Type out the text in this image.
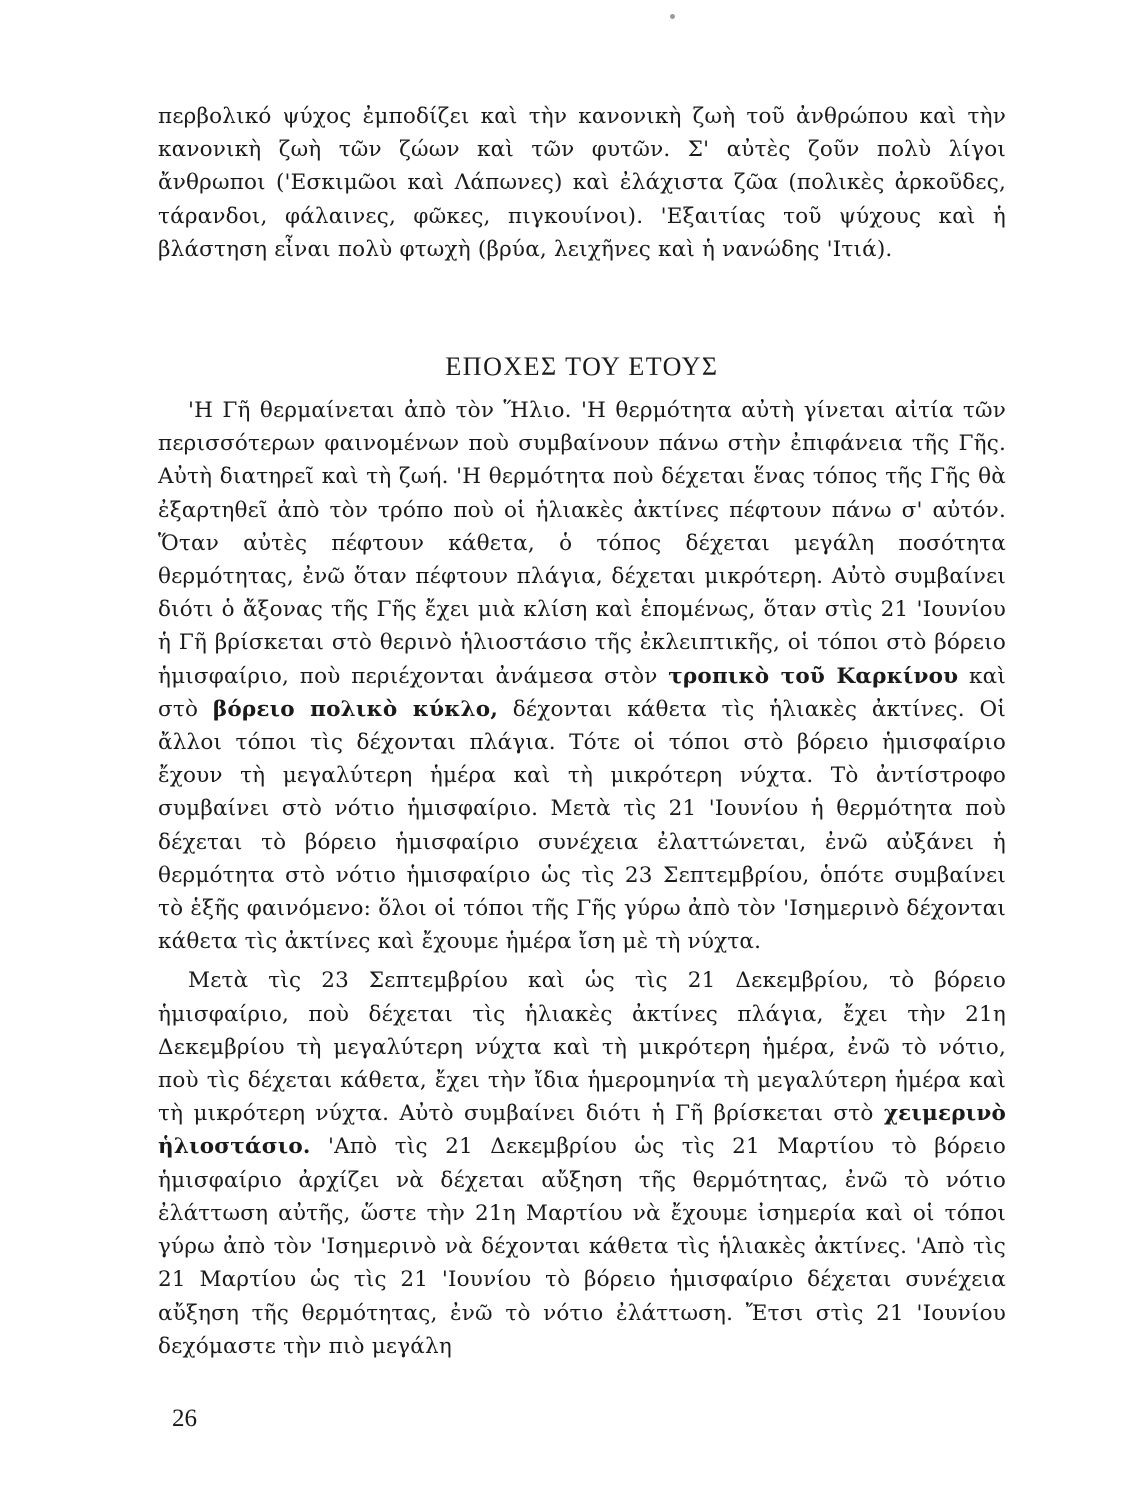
περβολικό ψύχος ἐμποδίζει καὶ τὴν κανονικὴ ζωὴ τοῦ ἀνθρώπου καὶ τὴν κανονικὴ ζωὴ τῶν ζώων καὶ τῶν φυτῶν. Σ' αὐτὲς ζοῦν πολὺ λίγοι ἄνθρωποι ('Εσκιμῶοι καὶ Λάπωνες) καὶ ἐλάχιστα ζῶα (πολικὲς ἀρκοῦδες, τάρανδοι, φάλαινες, φῶκες, πιγκουίνοι). 'Εξαιτίας τοῦ ψύχους καὶ ἡ βλάστηση εἶναι πολὺ φτωχὴ (βρύα, λειχῆνες καὶ ἡ νανώδης 'Ιτιά).

ΕΠΟΧΕΣ ΤΟΥ ΕΤΟΥΣ

'Η Γῆ θερμαίνεται ἀπὸ τὸν Ἥλιο. 'Η θερμότητα αὐτὴ γίνεται αἰτία τῶν περισσότερων φαινομένων ποὺ συμβαίνουν πάνω στὴν ἐπιφάνεια τῆς Γῆς. Αὐτὴ διατηρεῖ καὶ τὴ ζωή. 'Η θερμότητα ποὺ δέχεται ἕνας τόπος τῆς Γῆς θὰ ἐξαρτηθεῖ ἀπὸ τὸν τρόπο ποὺ οἱ ἡλιακὲς ἀκτίνες πέφτουν πάνω σ' αὐτόν. Ὅταν αὐτὲς πέφτουν κάθετα, ὁ τόπος δέχεται μεγάλη ποσότητα θερμότητας, ἐνῶ ὅταν πέφτουν πλάγια, δέχεται μικρότερη. Αὐτὸ συμβαίνει διότι ὁ ἄξονας τῆς Γῆς ἔχει μιὰ κλίση καὶ ἑπομένως, ὅταν στὶς 21 'Ιουνίου ἡ Γῆ βρίσκεται στὸ θερινὸ ἡλιοστάσιο τῆς ἐκλειπτικῆς, οἱ τόποι στὸ βόρειο ἡμισφαίριο, ποὺ περιέχονται ἀνάμεσα στὸν τροπικὸ τοῦ Καρκίνου καὶ στὸ βόρειο πολικὸ κύκλο, δέχονται κάθετα τὶς ἡλιακὲς ἀκτίνες. Οἱ ἄλλοι τόποι τὶς δέχονται πλάγια. Τότε οἱ τόποι στὸ βόρειο ἡμισφαίριο ἔχουν τὴ μεγαλύτερη ἡμέρα καὶ τὴ μικρότερη νύχτα. Τὸ ἀντίστροφο συμβαίνει στὸ νότιο ἡμισφαίριο. Μετὰ τὶς 21 'Ιουνίου ἡ θερμότητα ποὺ δέχεται τὸ βόρειο ἡμισφαίριο συνέχεια ἐλαττώνεται, ἐνῶ αὐξάνει ἡ θερμότητα στὸ νότιο ἡμισφαίριο ὡς τὶς 23 Σεπτεμβρίου, ὁπότε συμβαίνει τὸ ἑξῆς φαινόμενο: ὅλοι οἱ τόποι τῆς Γῆς γύρω ἀπὸ τὸν 'Ισημερινὸ δέχονται κάθετα τὶς ἀκτίνες καὶ ἔχουμε ἡμέρα ἴση μὲ τὴ νύχτα.

Μετὰ τὶς 23 Σεπτεμβρίου καὶ ὡς τὶς 21 Δεκεμβρίου, τὸ βόρειο ἡμισφαίριο, ποὺ δέχεται τὶς ἡλιακὲς ἀκτίνες πλάγια, ἔχει τὴν 21η Δεκεμβρίου τὴ μεγαλύτερη νύχτα καὶ τὴ μικρότερη ἡμέρα, ἐνῶ τὸ νότιο, ποὺ τὶς δέχεται κάθετα, ἔχει τὴν ἴδια ἡμερομηνία τὴ μεγαλύτερη ἡμέρα καὶ τὴ μικρότερη νύχτα. Αὐτὸ συμβαίνει διότι ἡ Γῆ βρίσκεται στὸ χειμερινὸ ἡλιοστάσιο. 'Απὸ τὶς 21 Δεκεμβρίου ὡς τὶς 21 Μαρτίου τὸ βόρειο ἡμισφαίριο ἀρχίζει νὰ δέχεται αὔξηση τῆς θερμότητας, ἐνῶ τὸ νότιο ἐλάττωση αὐτῆς, ὥστε τὴν 21η Μαρτίου νὰ ἔχουμε ἰσημερία καὶ οἱ τόποι γύρω ἀπὸ τὸν 'Ισημερινὸ νὰ δέχονται κάθετα τὶς ἡλιακὲς ἀκτίνες. 'Απὸ τὶς 21 Μαρτίου ὡς τὶς 21 'Ιουνίου τὸ βόρειο ἡμισφαίριο δέχεται συνέχεια αὔξηση τῆς θερμότητας, ἐνῶ τὸ νότιο ἐλάττωση. Ἔτσι στὶς 21 'Ιουνίου δεχόμαστε τὴν πιὸ μεγάλη

26
